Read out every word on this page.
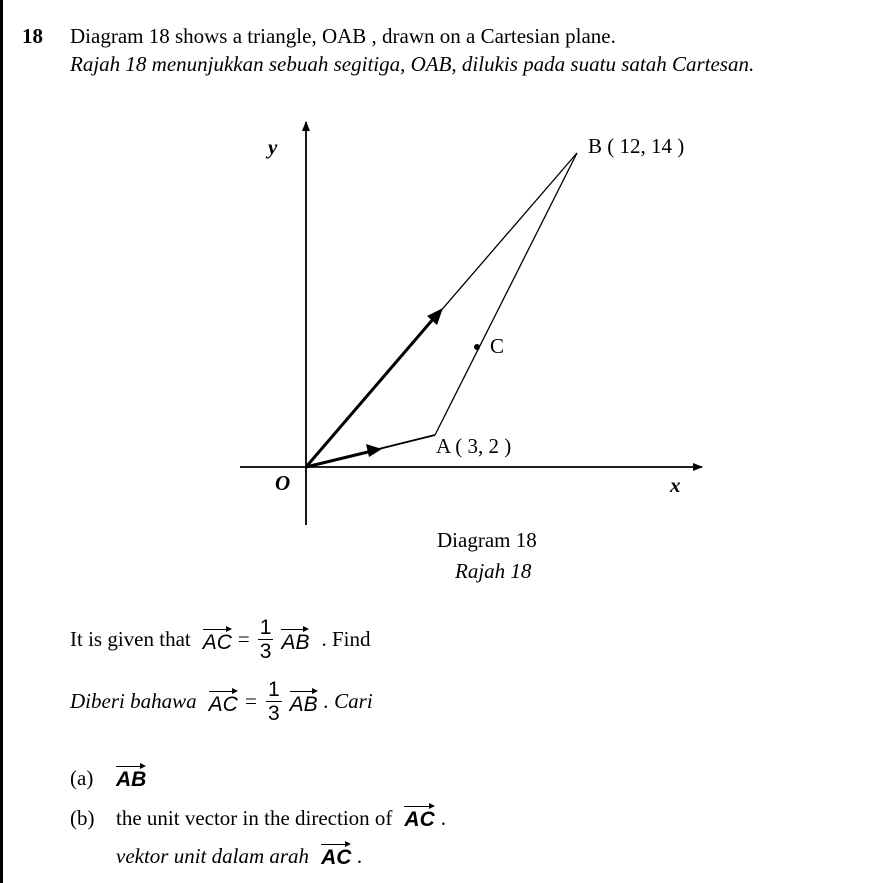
18 Diagram 18 shows a triangle, OAB , drawn on a Cartesian plane.
Rajah 18 menunjukkan sebuah segitiga, OAB, dilukis pada suatu satah Cartesan.
y
x
O
A ( 3, 2 )
B ( 12, 14 )
C
Diagram 18
Rajah 18
It is given that AC = $\frac{1}{3}$ AB . Find
Diberi bahawa AC = $\frac{1}{3}$ AB . Cari
(a)	AB
(b)	the unit vector in the direction of AC .
vektor unit dalam arah AC .
